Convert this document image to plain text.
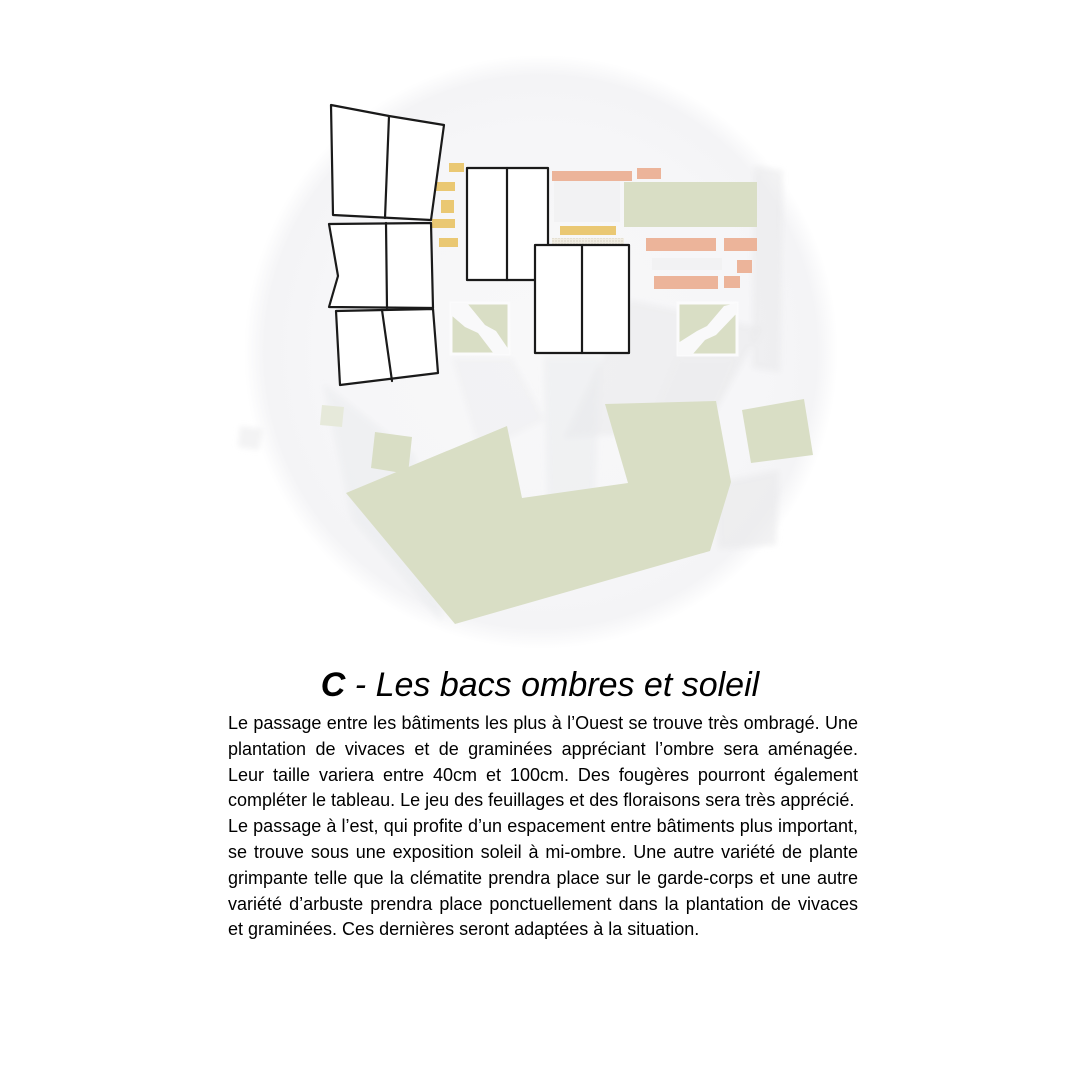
C - Les bacs ombres et soleil

Le passage entre les bâtiments les plus à l’Ouest se trouve très ombragé. Une plantation de vivaces et de graminées appréciant l’ombre sera aménagée. Leur taille variera entre 40cm et 100cm. Des fougères pourront également compléter le tableau. Le jeu des feuillages et des floraisons sera très apprécié.

Le passage à l’est, qui profite d’un espacement entre bâtiments plus important, se trouve sous une exposition soleil à mi-ombre. Une autre variété de plante grimpante telle que la clématite prendra place sur le garde-corps et une autre variété d’arbuste prendra place ponctuellement dans la plantation de vivaces et graminées. Ces dernières seront adaptées à la situation.
